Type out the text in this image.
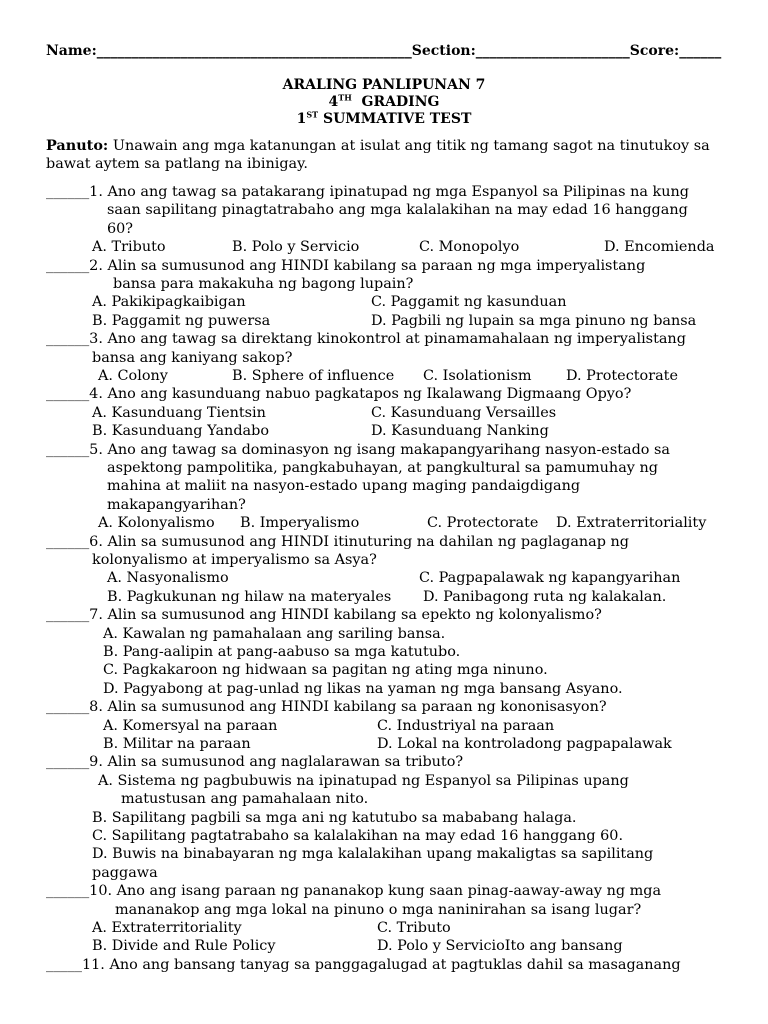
Name:_____________________________________________Section:______________________Score:______
ARALING PANLIPUNAN 7
4TH GRADING
1ST SUMMATIVE TEST
Panuto: Unawain ang mga katanungan at isulat ang titik ng tamang sagot na tinutukoy sa bawat aytem sa patlang na ibinigay.
______ 1. Ano ang tawag sa patakarang ipinatupad ng mga Espanyol sa Pilipinas na kung
saan sapilitang pinagtatrabaho ang mga kalalakihan na may edad 16 hanggang
60?
A. Tributo	B. Polo y Servicio	C. Monopolyo	D. Encomienda
______ 2. Alin sa sumusunod ang HINDI kabilang sa paraan ng mga imperyalistang
bansa para makakuha ng bagong lupain?
A. Pakikipagkaibigan	C. Paggamit ng kasunduan
B. Paggamit ng puwersa	D. Pagbili ng lupain sa mga pinuno ng bansa
______ 3. Ano ang tawag sa direktang kinokontrol at pinamamahalaan ng imperyalistang
bansa ang kaniyang sakop?
A. Colony	B. Sphere of influence C. Isolationism D. Protectorate
______ 4. Ano ang kasunduang nabuo pagkatapos ng Ikalawang Digmaang Opyo?
A. Kasunduang Tientsin	C. Kasunduang Versailles
B. Kasunduang Yandabo	D. Kasunduang Nanking
______ 5. Ano ang tawag sa dominasyon ng isang makapangyarihang nasyon-estado sa
aspektong pampolitika, pangkabuhayan, at pangkultural sa pamumuhay ng
mahina at maliit na nasyon-estado upang maging pandaigdigang
makapangyarihan?
A. Kolonyalismo B. Imperyalismo	C. Protectorate D. Extraterritoriality
______ 6. Alin sa sumusunod ang HINDI itinuturing na dahilan ng paglaganap ng
kolonyalismo at imperyalismo sa Asya?
A. Nasyonalismo	C. Pagpapalawak ng kapangyarihan
B. Pagkukunan ng hilaw na materyales D. Panibagong ruta ng kalakalan.
______ 7. Alin sa sumusunod ang HINDI kabilang sa epekto ng kolonyalismo?
A. Kawalan ng pamahalaan ang sariling bansa.
B. Pang-aalipin at pang-aabuso sa mga katutubo.
C. Pagkakaroon ng hidwaan sa pagitan ng ating mga ninuno.
D. Pagyabong at pag-unlad ng likas na yaman ng mga bansang Asyano.
______ 8. Alin sa sumusunod ang HINDI kabilang sa paraan ng kononisasyon?
A. Komersyal na paraan	C. Industriyal na paraan
B. Militar na paraan	D. Lokal na kontroladong pagpapalawak
______ 9. Alin sa sumusunod ang naglalarawan sa tributo?
A. Sistema ng pagbubuwis na ipinatupad ng Espanyol sa Pilipinas upang
matustusan ang pamahalaan nito.
B. Sapilitang pagbili sa mga ani ng katutubo sa mababang halaga.
C. Sapilitang pagtatrabaho sa kalalakihan na may edad 16 hanggang 60.
D. Buwis na binabayaran ng mga kalalakihan upang makaligtas sa sapilitang
paggawa
______ 10. Ano ang isang paraan ng pananakop kung saan pinag-aaway-away ng mga
mananakop ang mga lokal na pinuno o mga naninirahan sa isang lugar?
A. Extraterritoriality	C. Tributo
B. Divide and Rule Policy	D. Polo y ServicioIto ang bansang
_____ 11. Ano ang bansang tanyag sa panggagalugad at pagtuklas dahil sa masaganang
